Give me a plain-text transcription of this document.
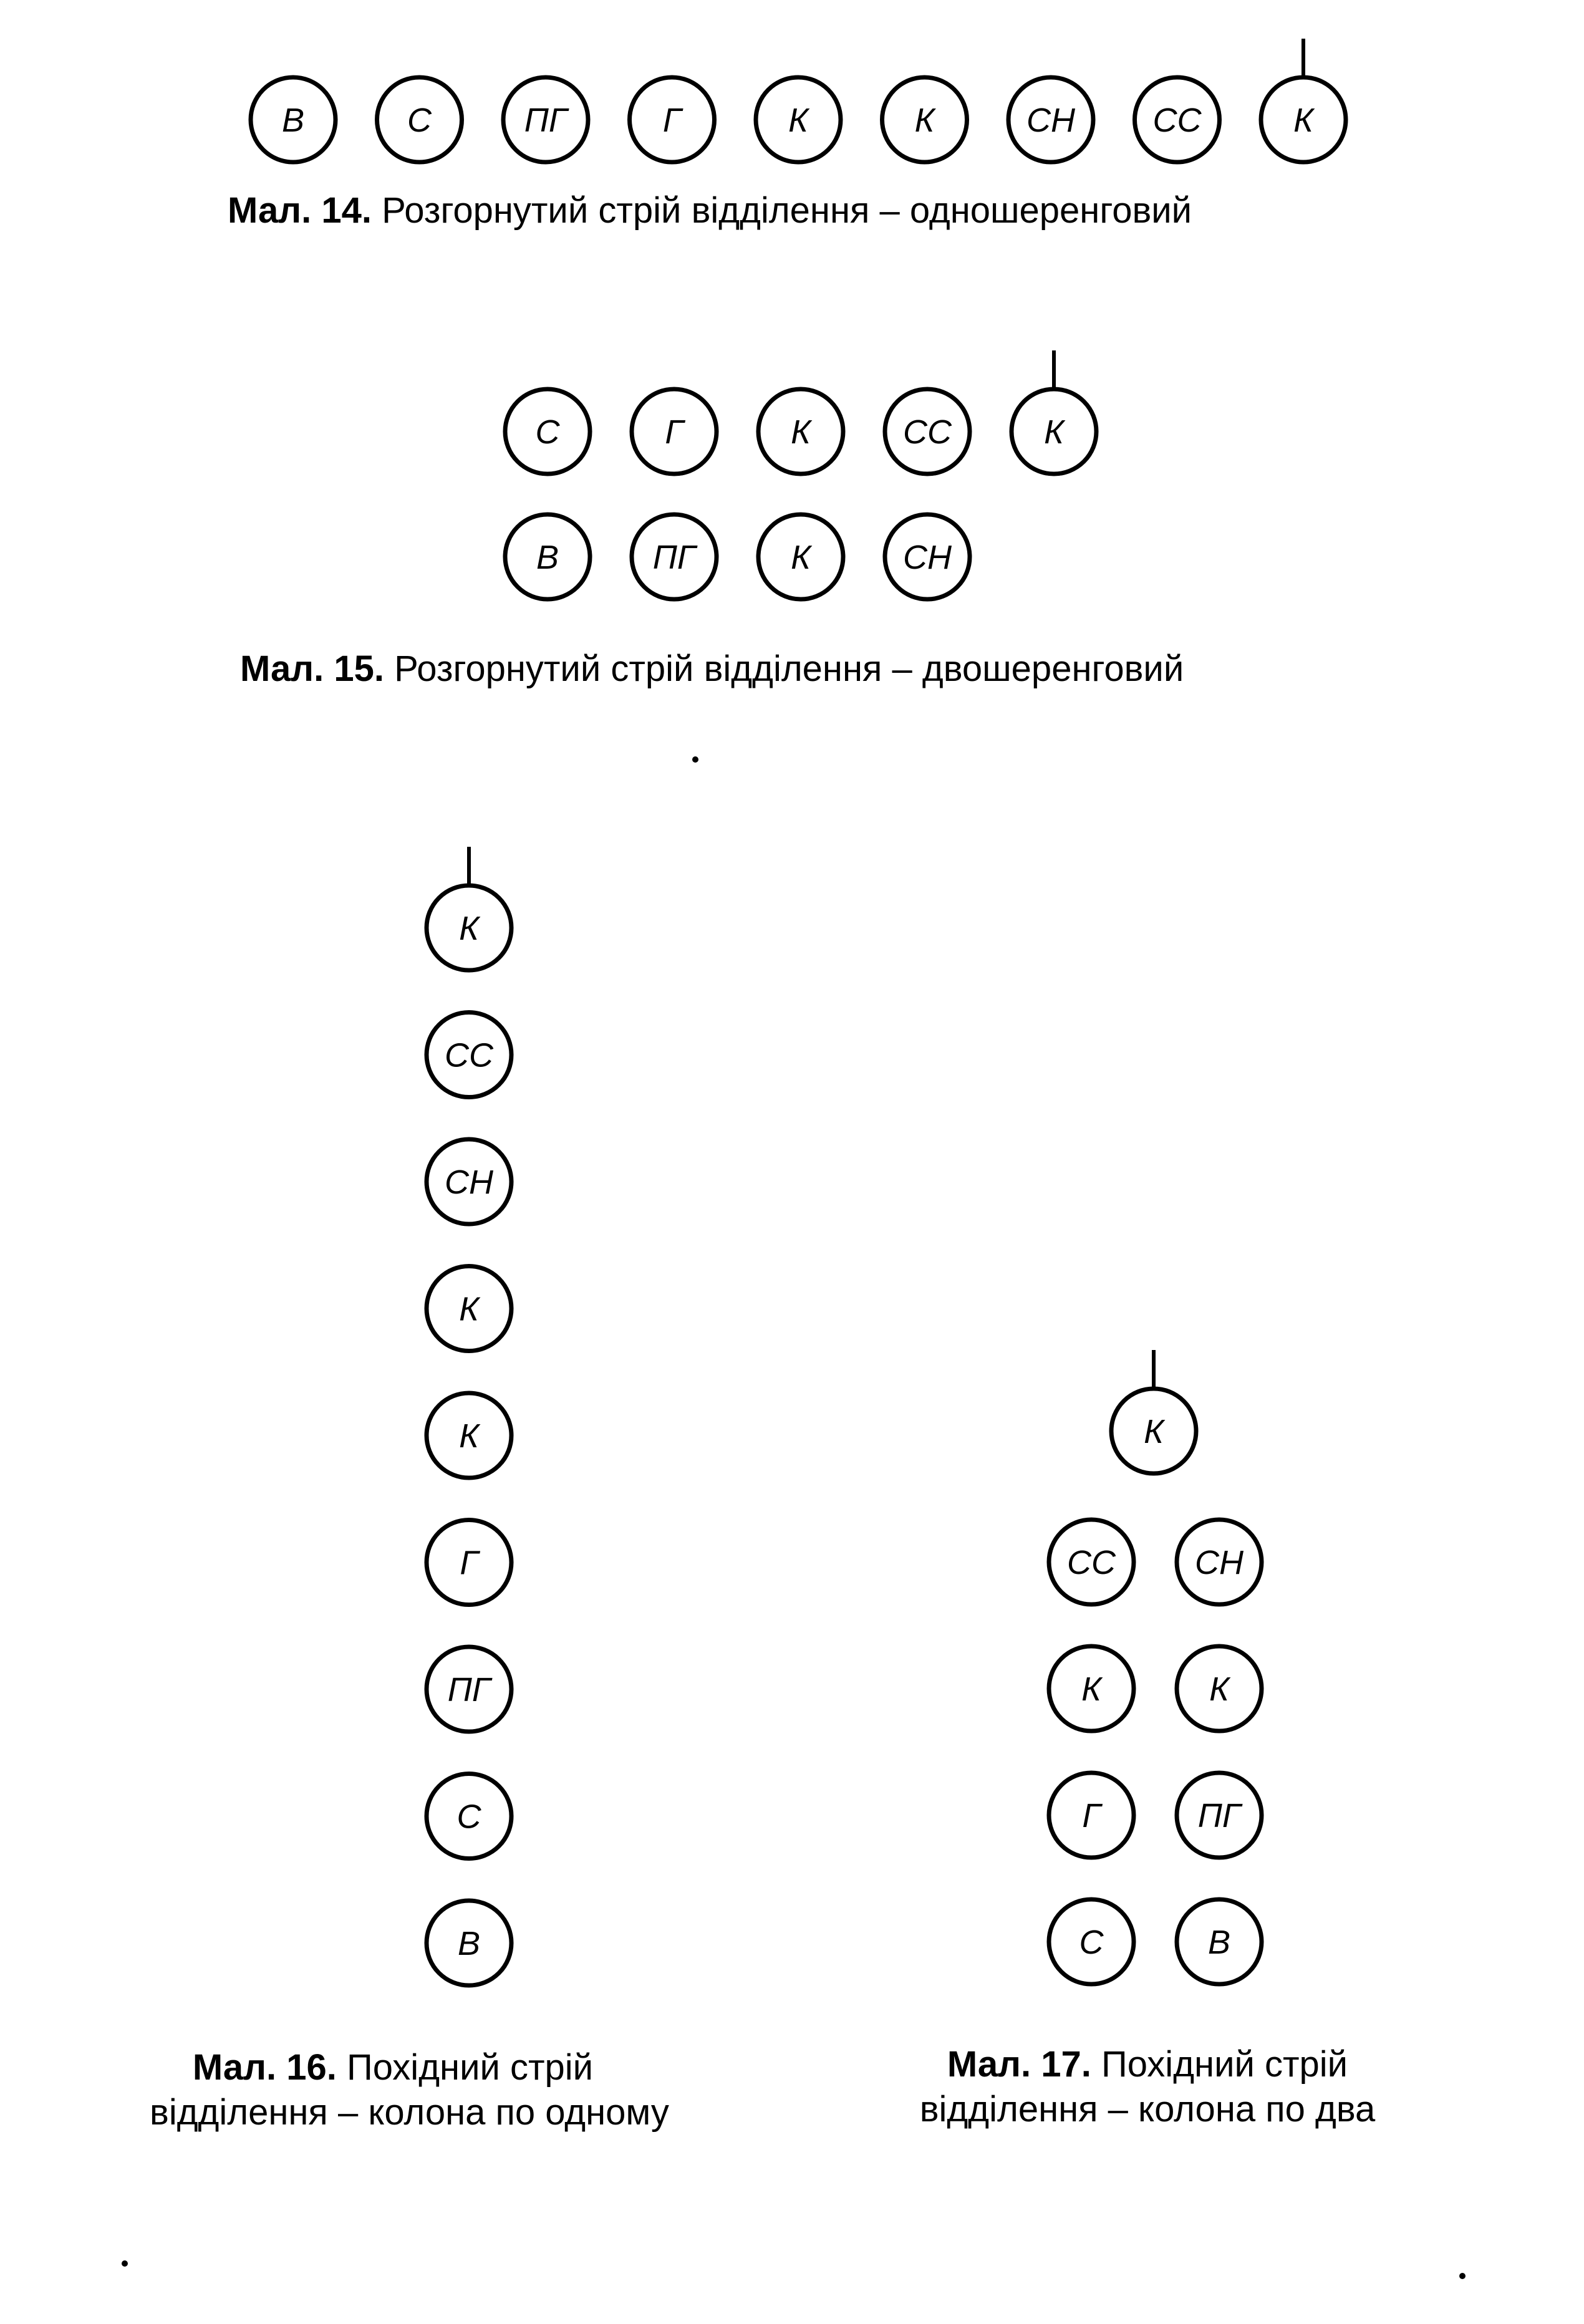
В	С	ПГ	Г	К	К	СН СС	К
С	Г	К	СС	К
В	ПГ	К	СН
К
СС
СН
К
К
Г
ПГ
С
В
К
СС СН
К	К
Г	ПГ
С	В
Мал. 14. Розгорнутий стрій відділення – одношеренговий
Мал. 15. Розгорнутий стрій відділення – двошеренговий
Мал. 16. Похідний стрій
відділення – колона по одному
Мал. 17. Похідний стрій
відділення – колона по два
